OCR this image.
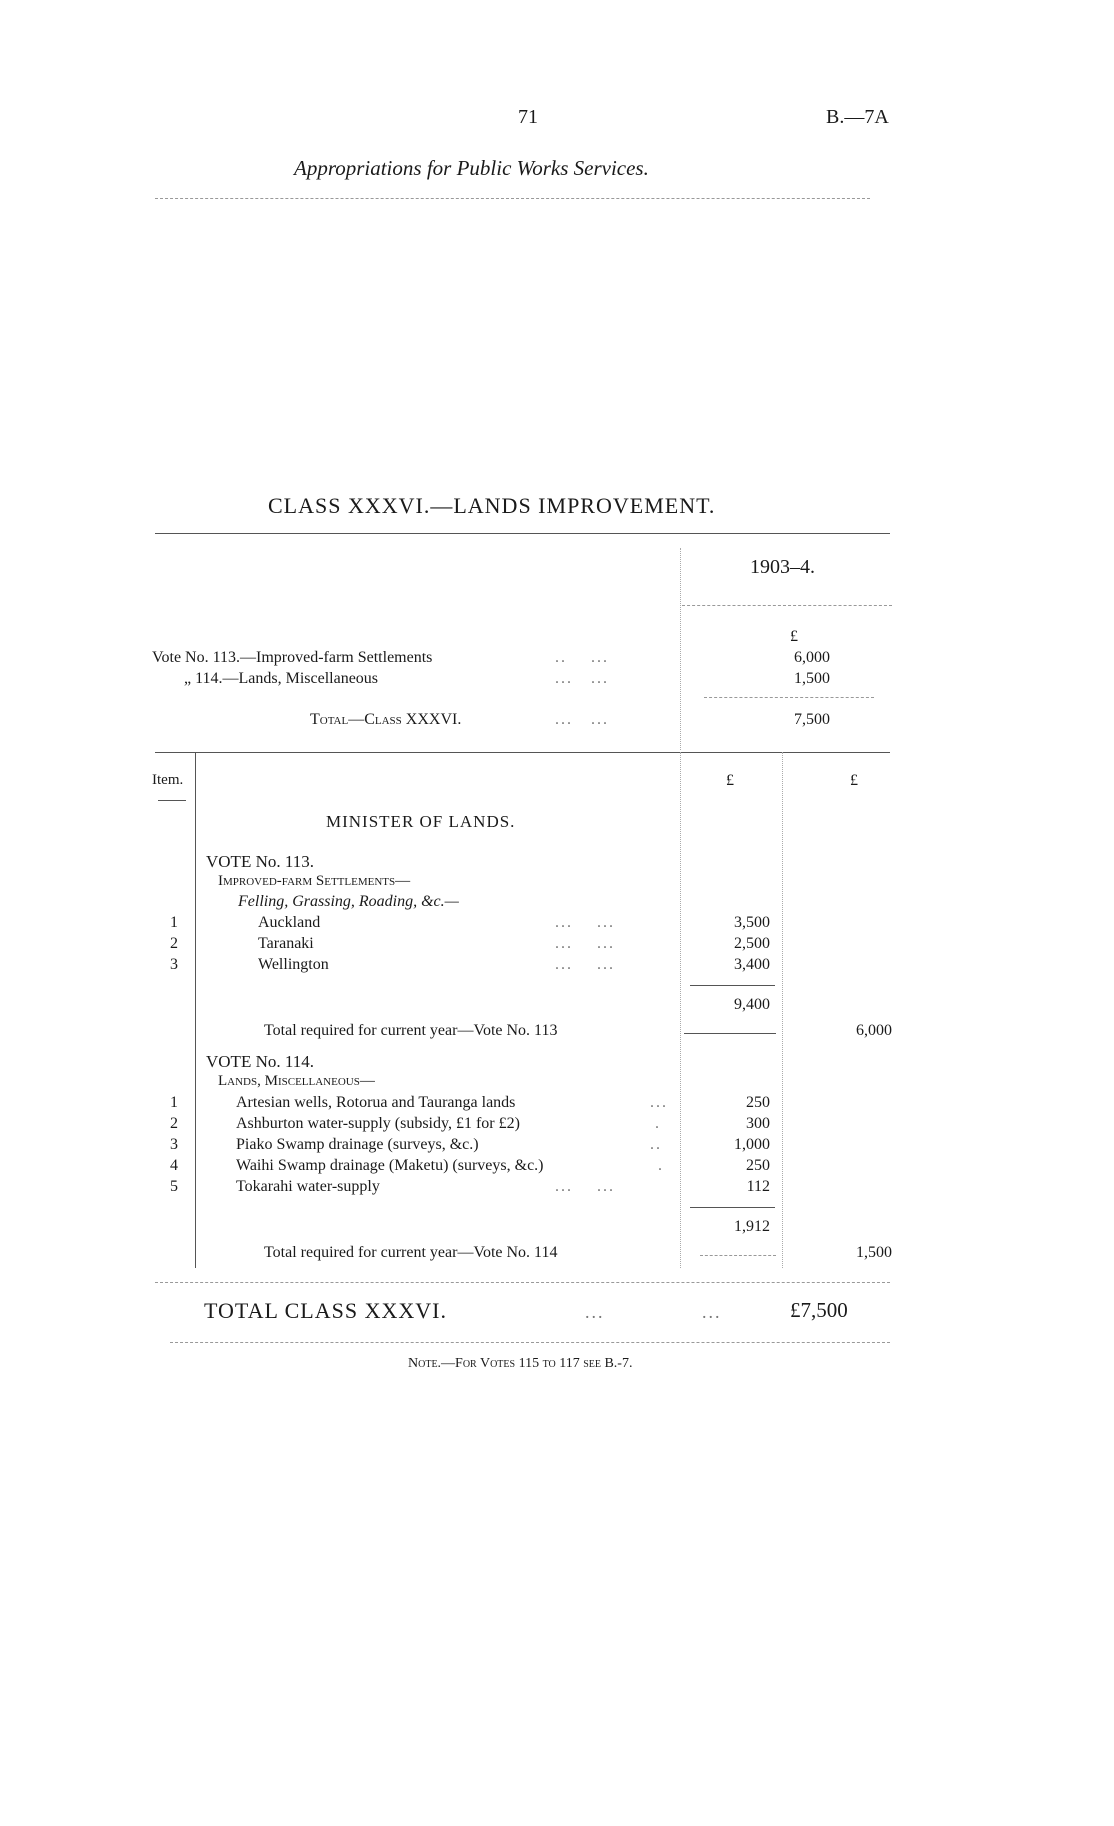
71	B.—7A
Appropriations for Public Works Services.
CLASS XXXVI.—LANDS IMPROVEMENT.
1903–4.
£
Vote No. 113.—Improved-farm Settlements	..    ...	6,000
„ 114.—Lands, Miscellaneous	...   ...	1,500
Total—Class XXXVI.	...   ...	7,500
Item.	£	£
MINISTER OF LANDS.
VOTE No. 113.
Improved-farm Settlements—
Felling, Grassing, Roading, &c.—
1	Auckland	...    ...	3,500
2	Taranaki	...    ...	2,500
3	Wellington	...    ...	3,400
9,400
Total required for current year—Vote No. 113	6,000
VOTE No. 114.
Lands, Miscellaneous—
1	Artesian wells, Rotorua and Tauranga lands	...	250
2	Ashburton water-supply (subsidy, £1 for £2)	.	300
3	Piako Swamp drainage (surveys, &c.)	..	1,000
4	Waihi Swamp drainage (Maketu) (surveys, &c.)	.	250
5	Tokarahi water-supply	...    ...	112
1,912
Total required for current year—Vote No. 114	1,500
TOTAL CLASS XXXVI.	...               ...	£7,500
Note.—For Votes 115 to 117 see B.-7.
